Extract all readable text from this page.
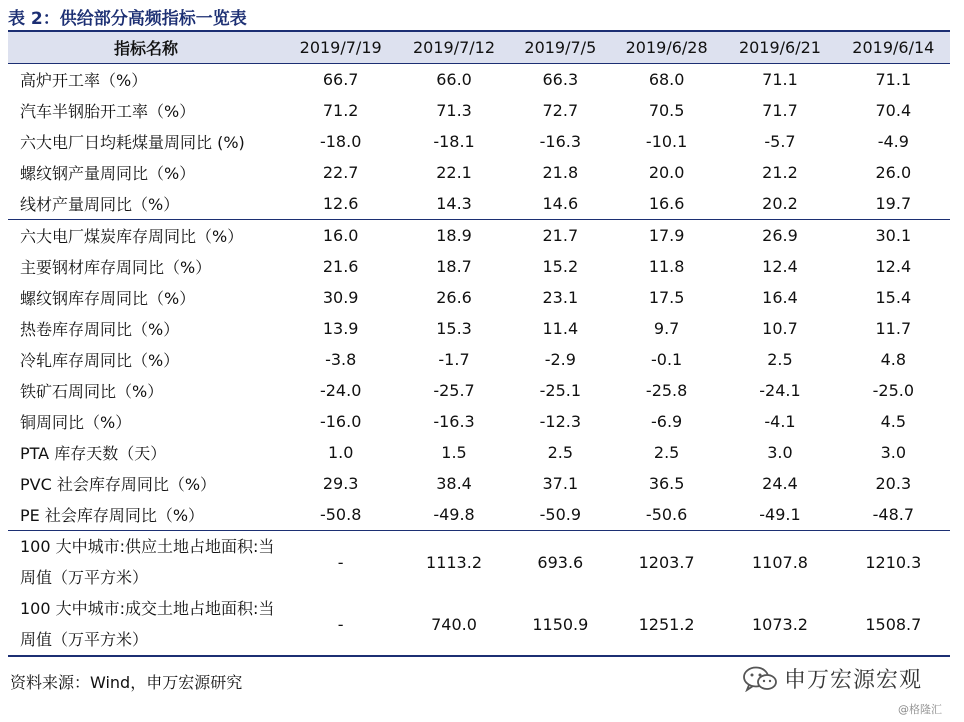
表 2：供给部分高频指标一览表
指标名称	2019/7/19	2019/7/12	2019/7/5	2019/6/28	2019/6/21	2019/6/14
高炉开工率（%）	66.7	66.0	66.3	68.0	71.1	71.1
汽车半钢胎开工率（%）	71.2	71.3	72.7	70.5	71.7	70.4
六大电厂日均耗煤量周同比 (%)	-18.0	-18.1	-16.3	-10.1	-5.7	-4.9
螺纹钢产量周同比（%）	22.7	22.1	21.8	20.0	21.2	26.0
线材产量周同比（%）	12.6	14.3	14.6	16.6	20.2	19.7
六大电厂煤炭库存周同比（%）	16.0	18.9	21.7	17.9	26.9	30.1
主要钢材库存周同比（%）	21.6	18.7	15.2	11.8	12.4	12.4
螺纹钢库存周同比（%）	30.9	26.6	23.1	17.5	16.4	15.4
热卷库存周同比（%）	13.9	15.3	11.4	9.7	10.7	11.7
冷轧库存周同比（%）	-3.8	-1.7	-2.9	-0.1	2.5	4.8
铁矿石周同比（%）	-24.0	-25.7	-25.1	-25.8	-24.1	-25.0
铜周同比（%）	-16.0	-16.3	-12.3	-6.9	-4.1	4.5
PTA 库存天数（天）	1.0	1.5	2.5	2.5	3.0	3.0
PVC 社会库存周同比（%）	29.3	38.4	37.1	36.5	24.4	20.3
PE 社会库存周同比（%）	-50.8	-49.8	-50.9	-50.6	-49.1	-48.7
100 大中城市:供应土地占地面积:当周值（万平方米）	-	1113.2	693.6	1203.7	1107.8	1210.3
100 大中城市:成交土地占地面积:当周值（万平方米）	-	740.0	1150.9	1251.2	1073.2	1508.7
资料来源：Wind，申万宏源研究	申万宏源宏观
@格隆汇
